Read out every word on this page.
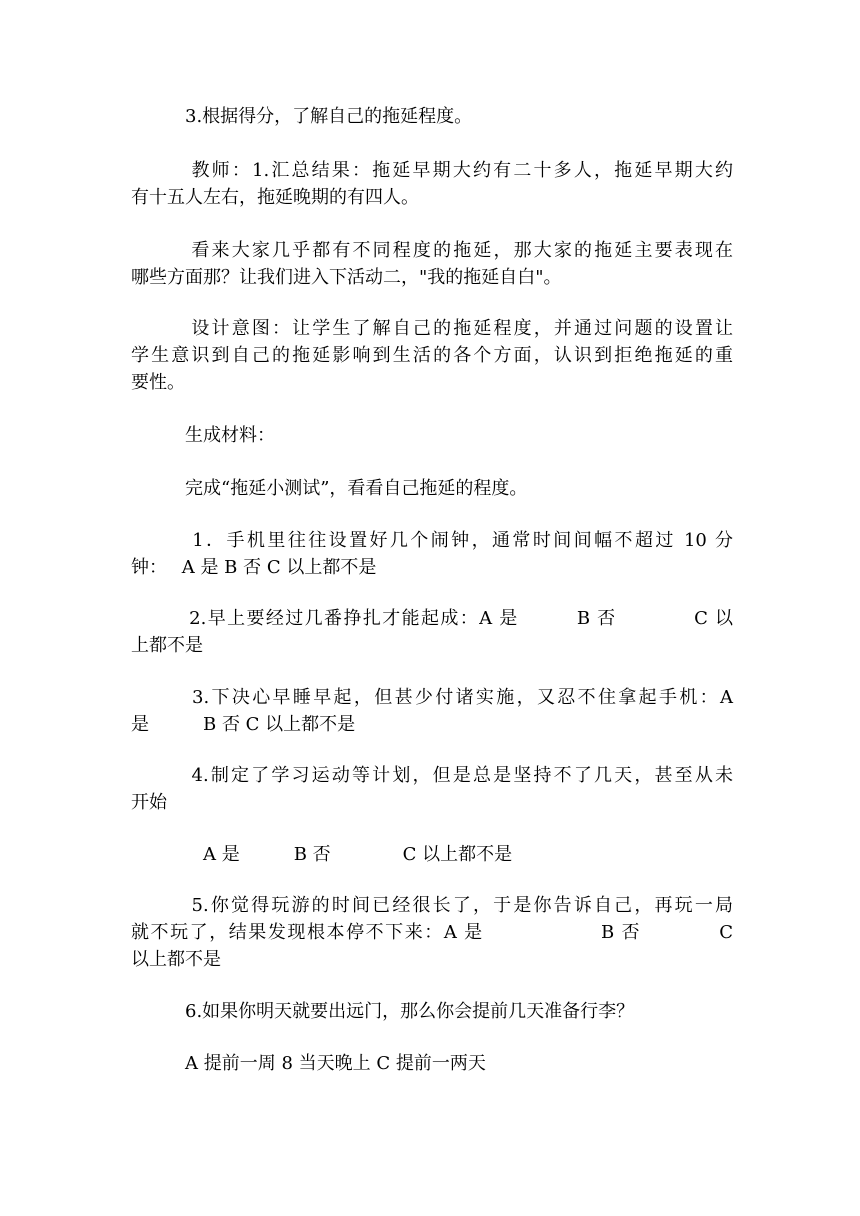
　　　3.根据得分，了解自己的拖延程度。

　　　教师：1.汇总结果：拖延早期大约有二十多人，拖延早期大约
有十五人左右，拖延晚期的有四人。

　　　看来大家几乎都有不同程度的拖延，那大家的拖延主要表现在
哪些方面那？让我们进入下活动二，"我的拖延自白"。

　　　设计意图：让学生了解自己的拖延程度，并通过问题的设置让
学生意识到自己的拖延影响到生活的各个方面，认识到拒绝拖延的重
要性。

　　　生成材料：

　　　完成“拖延小测试”，看看自己拖延的程度。

　　　1．手机里往往设置好几个闹钟，通常时间间幅不超过 10 分
钟：　 A 是 B 否 C 以上都不是

　　　2.早上要经过几番挣扎才能起成：A 是　　　B 否　　　　C 以
上都不是

　　　3.下决心早睡早起，但甚少付诸实施，又忍不住拿起手机：A
是　　　B 否 C 以上都不是

　　　4.制定了学习运动等计划，但是总是坚持不了几天，甚至从未
开始

　　　　A 是　　　B 否　　　　C 以上都不是

　　　5.你觉得玩游的时间已经很长了，于是你告诉自己，再玩一局
就不玩了，结果发现根本停不下来：A 是　　　　　　B 否　　　　C
以上都不是

　　　6.如果你明天就要出远门，那么你会提前几天准备行李？

　　　A 提前一周 8 当天晚上 C 提前一两天
